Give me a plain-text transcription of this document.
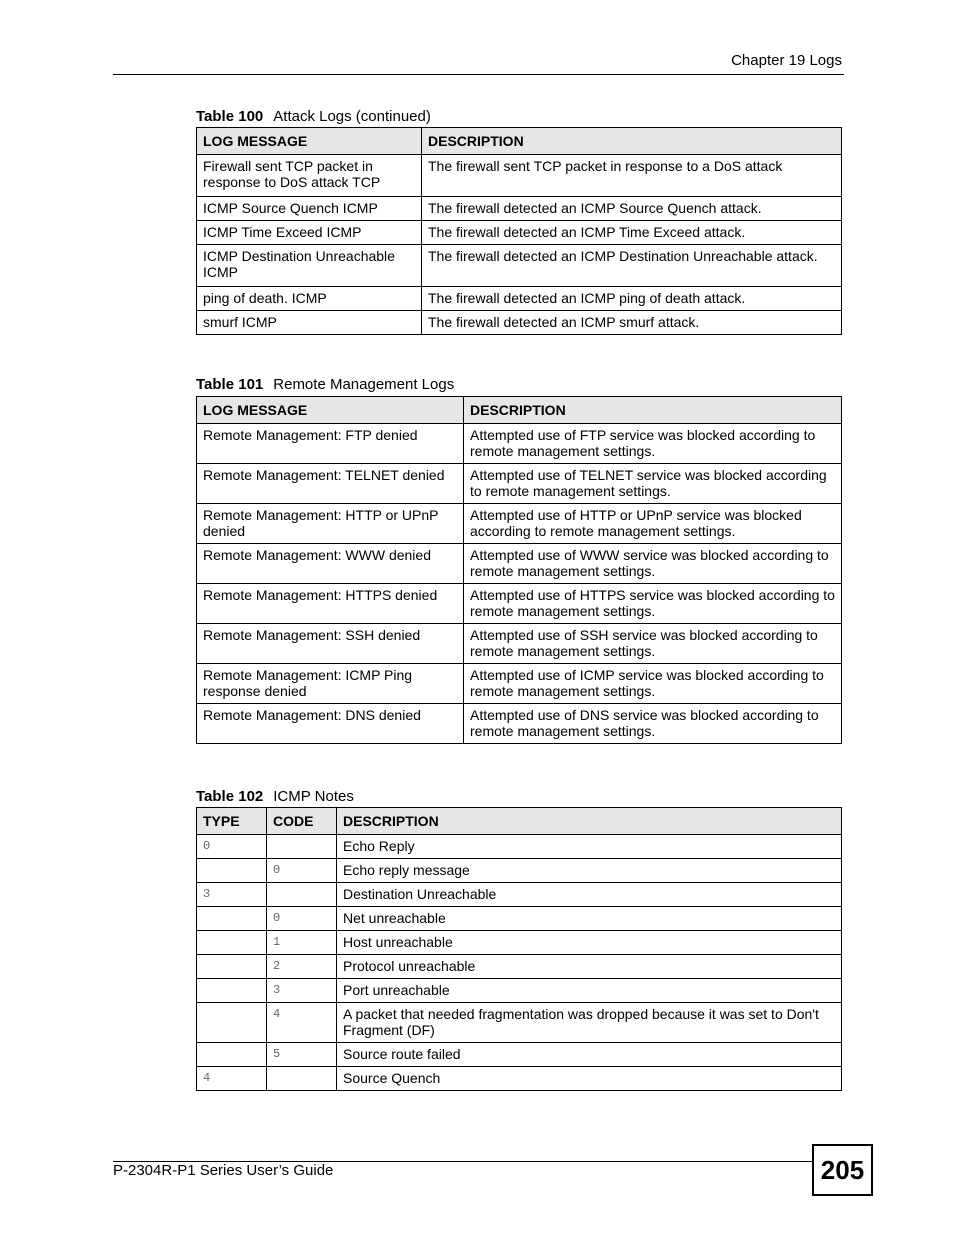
Chapter 19 Logs
Table 100 Attack Logs (continued)
LOG MESSAGE	DESCRIPTION
Firewall sent TCP packet in response to DoS attack TCP	The firewall sent TCP packet in response to a DoS attack
ICMP Source Quench ICMP	The firewall detected an ICMP Source Quench attack.
ICMP Time Exceed ICMP	The firewall detected an ICMP Time Exceed attack.
ICMP Destination Unreachable ICMP	The firewall detected an ICMP Destination Unreachable attack.
ping of death. ICMP	The firewall detected an ICMP ping of death attack.
smurf ICMP	The firewall detected an ICMP smurf attack.
Table 101 Remote Management Logs
LOG MESSAGE	DESCRIPTION
Remote Management: FTP denied	Attempted use of FTP service was blocked according to remote management settings.
Remote Management: TELNET denied	Attempted use of TELNET service was blocked according to remote management settings.
Remote Management: HTTP or UPnP denied	Attempted use of HTTP or UPnP service was blocked according to remote management settings.
Remote Management: WWW denied	Attempted use of WWW service was blocked according to remote management settings.
Remote Management: HTTPS denied	Attempted use of HTTPS service was blocked according to remote management settings.
Remote Management: SSH denied	Attempted use of SSH service was blocked according to remote management settings.
Remote Management: ICMP Ping response denied	Attempted use of ICMP service was blocked according to remote management settings.
Remote Management: DNS denied	Attempted use of DNS service was blocked according to remote management settings.
Table 102 ICMP Notes
TYPE	CODE	DESCRIPTION
0		Echo Reply
	0	Echo reply message
3		Destination Unreachable
	0	Net unreachable
	1	Host unreachable
	2	Protocol unreachable
	3	Port unreachable
	4	A packet that needed fragmentation was dropped because it was set to Don't Fragment (DF)
	5	Source route failed
4		Source Quench
P-2304R-P1 Series User’s Guide	205
